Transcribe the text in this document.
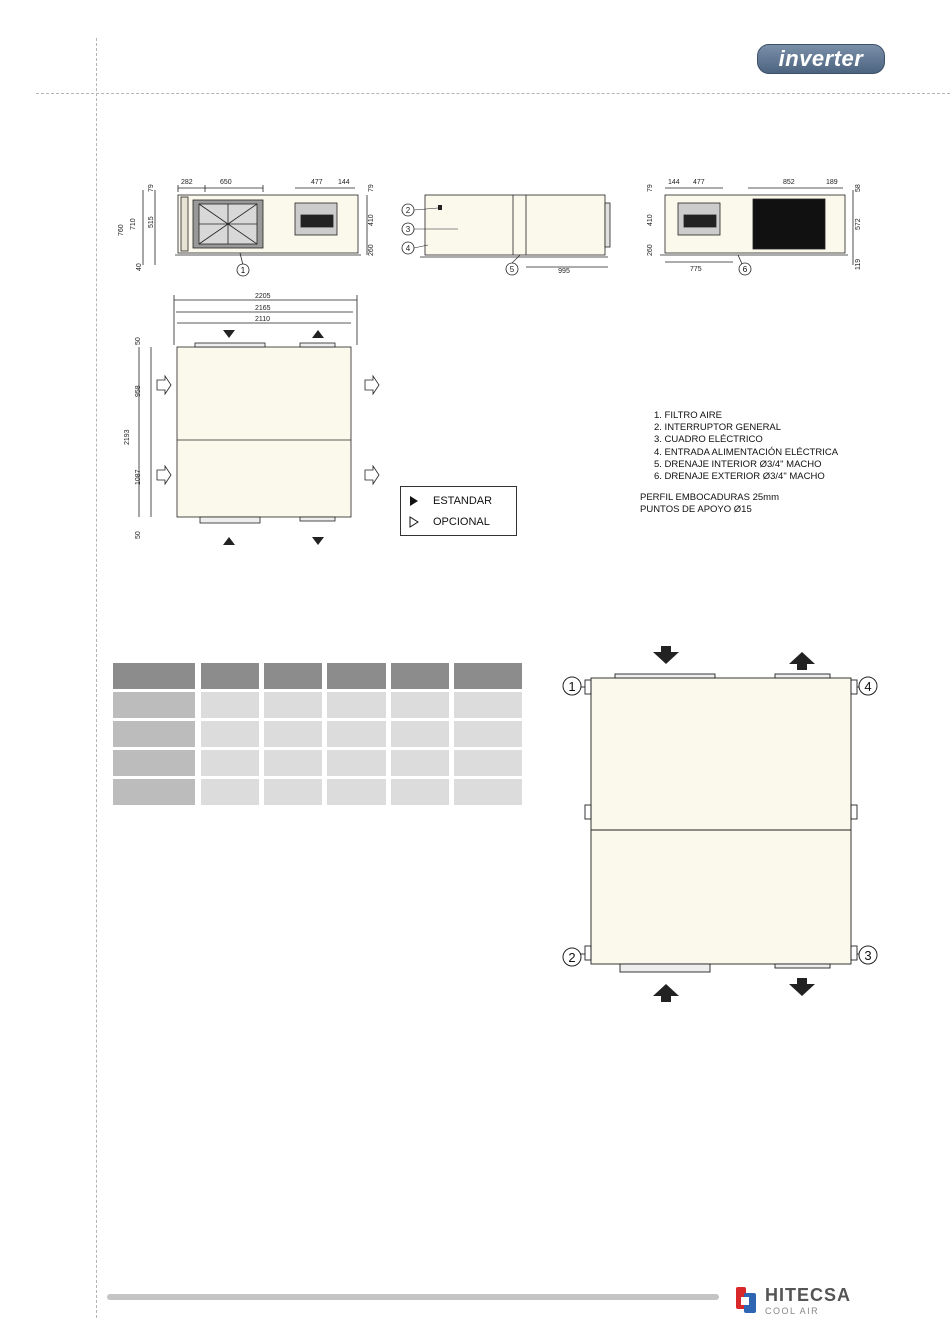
inverter
1
282	650	477 144
760
710 515
40
79	79
410
260
2
3
4
5	995	6
144 477	852	189
79
410
260
58
572
119
775
2205
2165
2110
50
958
2193
1087
50
ESTANDAR
OPCIONAL
1. FILTRO AIRE
2. INTERRUPTOR GENERAL
3. CUADRO ELÉCTRICO
4. ENTRADA ALIMENTACIÓN ELÉCTRICA
5. DRENAJE INTERIOR Ø3/4" MACHO
6. DRENAJE EXTERIOR Ø3/4" MACHO
PERFIL EMBOCADURAS 25mm
PUNTOS DE APOYO Ø15
1
2	3
4
HITECSA
COOL AIR
